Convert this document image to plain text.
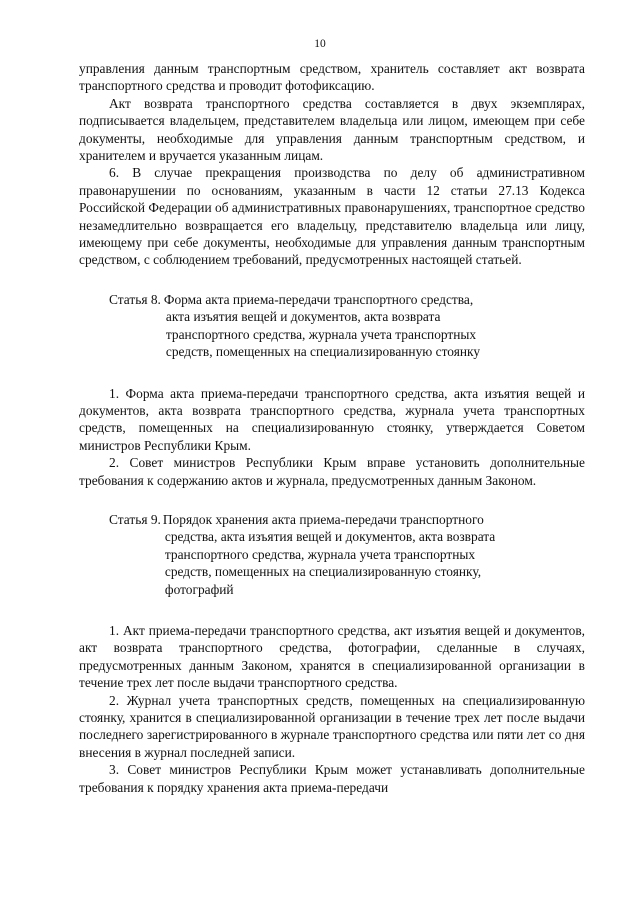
10

управления данным транспортным средством, хранитель составляет акт возврата транспортного средства и проводит фотофиксацию.

Акт возврата транспортного средства составляется в двух экземплярах, подписывается владельцем, представителем владельца или лицом, имеющем при себе документы, необходимые для управления данным транспортным средством, и хранителем и вручается указанным лицам.

6. В случае прекращения производства по делу об административном правонарушении по основаниям, указанным в части 12 статьи 27.13 Кодекса Российской Федерации об административных правонарушениях, транспортное средство незамедлительно возвращается его владельцу, представителю владельца или лицу, имеющему при себе документы, необходимые для управления данным транспортным средством, с соблюдением требований, предусмотренных настоящей статьей.

Статья 8. Форма акта приема-передачи транспортного средства,
акта изъятия вещей и документов, акта возврата
транспортного средства, журнала учета транспортных
средств, помещенных на специализированную стоянку

1. Форма акта приема-передачи транспортного средства, акта изъятия вещей и документов, акта возврата транспортного средства, журнала учета транспортных средств, помещенных на специализированную стоянку, утверждается Советом министров Республики Крым.

2. Совет министров Республики Крым вправе установить дополнительные требования к содержанию актов и журнала, предусмотренных данным Законом.

Статья 9. Порядок хранения акта приема-передачи транспортного
средства, акта изъятия вещей и документов, акта возврата
транспортного средства, журнала учета транспортных
средств, помещенных на специализированную стоянку,
фотографий

1. Акт приема-передачи транспортного средства, акт изъятия вещей и документов, акт возврата транспортного средства, фотографии, сделанные в случаях, предусмотренных данным Законом, хранятся в специализированной организации в течение трех лет после выдачи транспортного средства.

2. Журнал учета транспортных средств, помещенных на специализированную стоянку, хранится в специализированной организации в течение трех лет после выдачи последнего зарегистрированного в журнале транспортного средства или пяти лет со дня внесения в журнал последней записи.

3. Совет министров Республики Крым может устанавливать дополнительные требования к порядку хранения акта приема-передачи
